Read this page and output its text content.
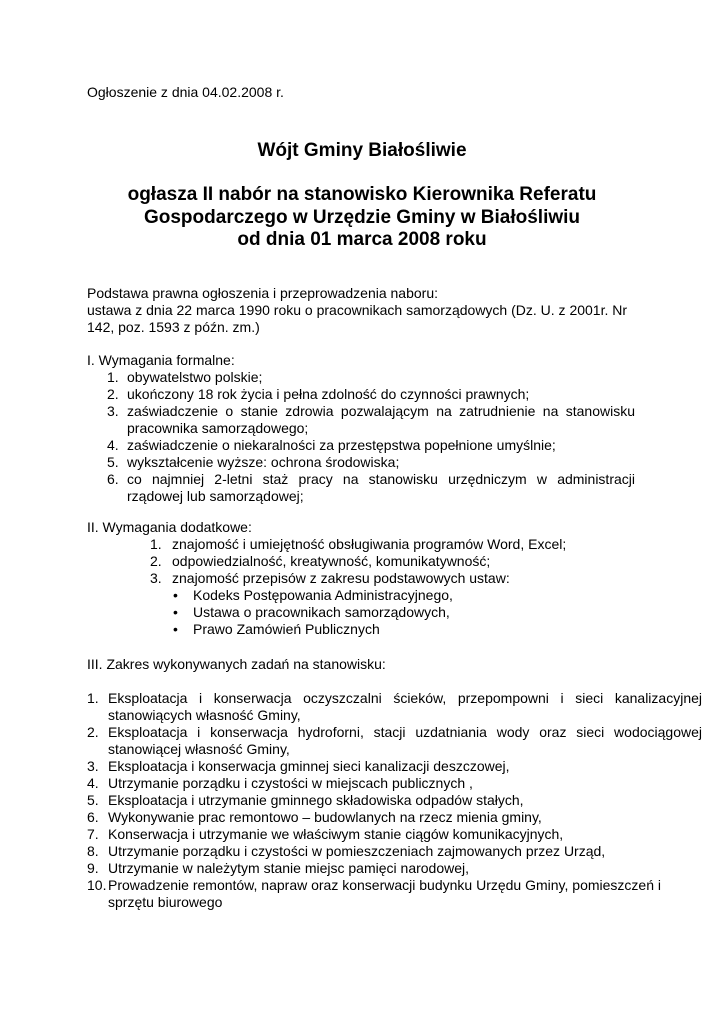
Ogłoszenie z dnia 04.02.2008 r.
Wójt Gminy Białośliwie
ogłasza II nabór na stanowisko Kierownika Referatu
Gospodarczego w Urzędzie Gminy w Białośliwiu
od dnia 01 marca 2008 roku
Podstawa prawna ogłoszenia i przeprowadzenia naboru:
ustawa z dnia 22 marca 1990 roku o pracownikach samorządowych (Dz. U. z 2001r. Nr 142, poz. 1593 z późn. zm.)
I. Wymagania formalne:
1. obywatelstwo polskie;
2. ukończony 18 rok życia i pełna zdolność do czynności prawnych;
3. zaświadczenie o stanie zdrowia pozwalającym na zatrudnienie na stanowisku pracownika samorządowego;
4. zaświadczenie o niekaralności za przestępstwa popełnione umyślnie;
5. wykształcenie wyższe: ochrona środowiska;
6. co najmniej 2-letni staż pracy na stanowisku urzędniczym w administracji rządowej lub samorządowej;
II. Wymagania dodatkowe:
1. znajomość i umiejętność obsługiwania programów Word, Excel;
2. odpowiedzialność, kreatywność, komunikatywność;
3. znajomość przepisów z zakresu podstawowych ustaw:
• Kodeks Postępowania Administracyjnego,
• Ustawa o pracownikach samorządowych,
• Prawo Zamówień Publicznych
III. Zakres wykonywanych zadań na stanowisku:
1. Eksploatacja i konserwacja oczyszczalni ścieków, przepompowni i sieci kanalizacyjnej stanowiących własność Gminy,
2. Eksploatacja i konserwacja hydroforni, stacji uzdatniania wody oraz sieci wodociągowej stanowiącej własność Gminy,
3. Eksploatacja i konserwacja gminnej sieci kanalizacji deszczowej,
4. Utrzymanie porządku i czystości w miejscach publicznych ,
5. Eksploatacja i utrzymanie gminnego składowiska odpadów stałych,
6. Wykonywanie prac remontowo – budowlanych na rzecz mienia gminy,
7. Konserwacja i utrzymanie we właściwym stanie ciągów komunikacyjnych,
8. Utrzymanie porządku i czystości w pomieszczeniach zajmowanych przez Urząd,
9. Utrzymanie w należytym stanie miejsc pamięci narodowej,
10. Prowadzenie remontów, napraw oraz konserwacji budynku Urzędu Gminy, pomieszczeń i sprzętu biurowego
